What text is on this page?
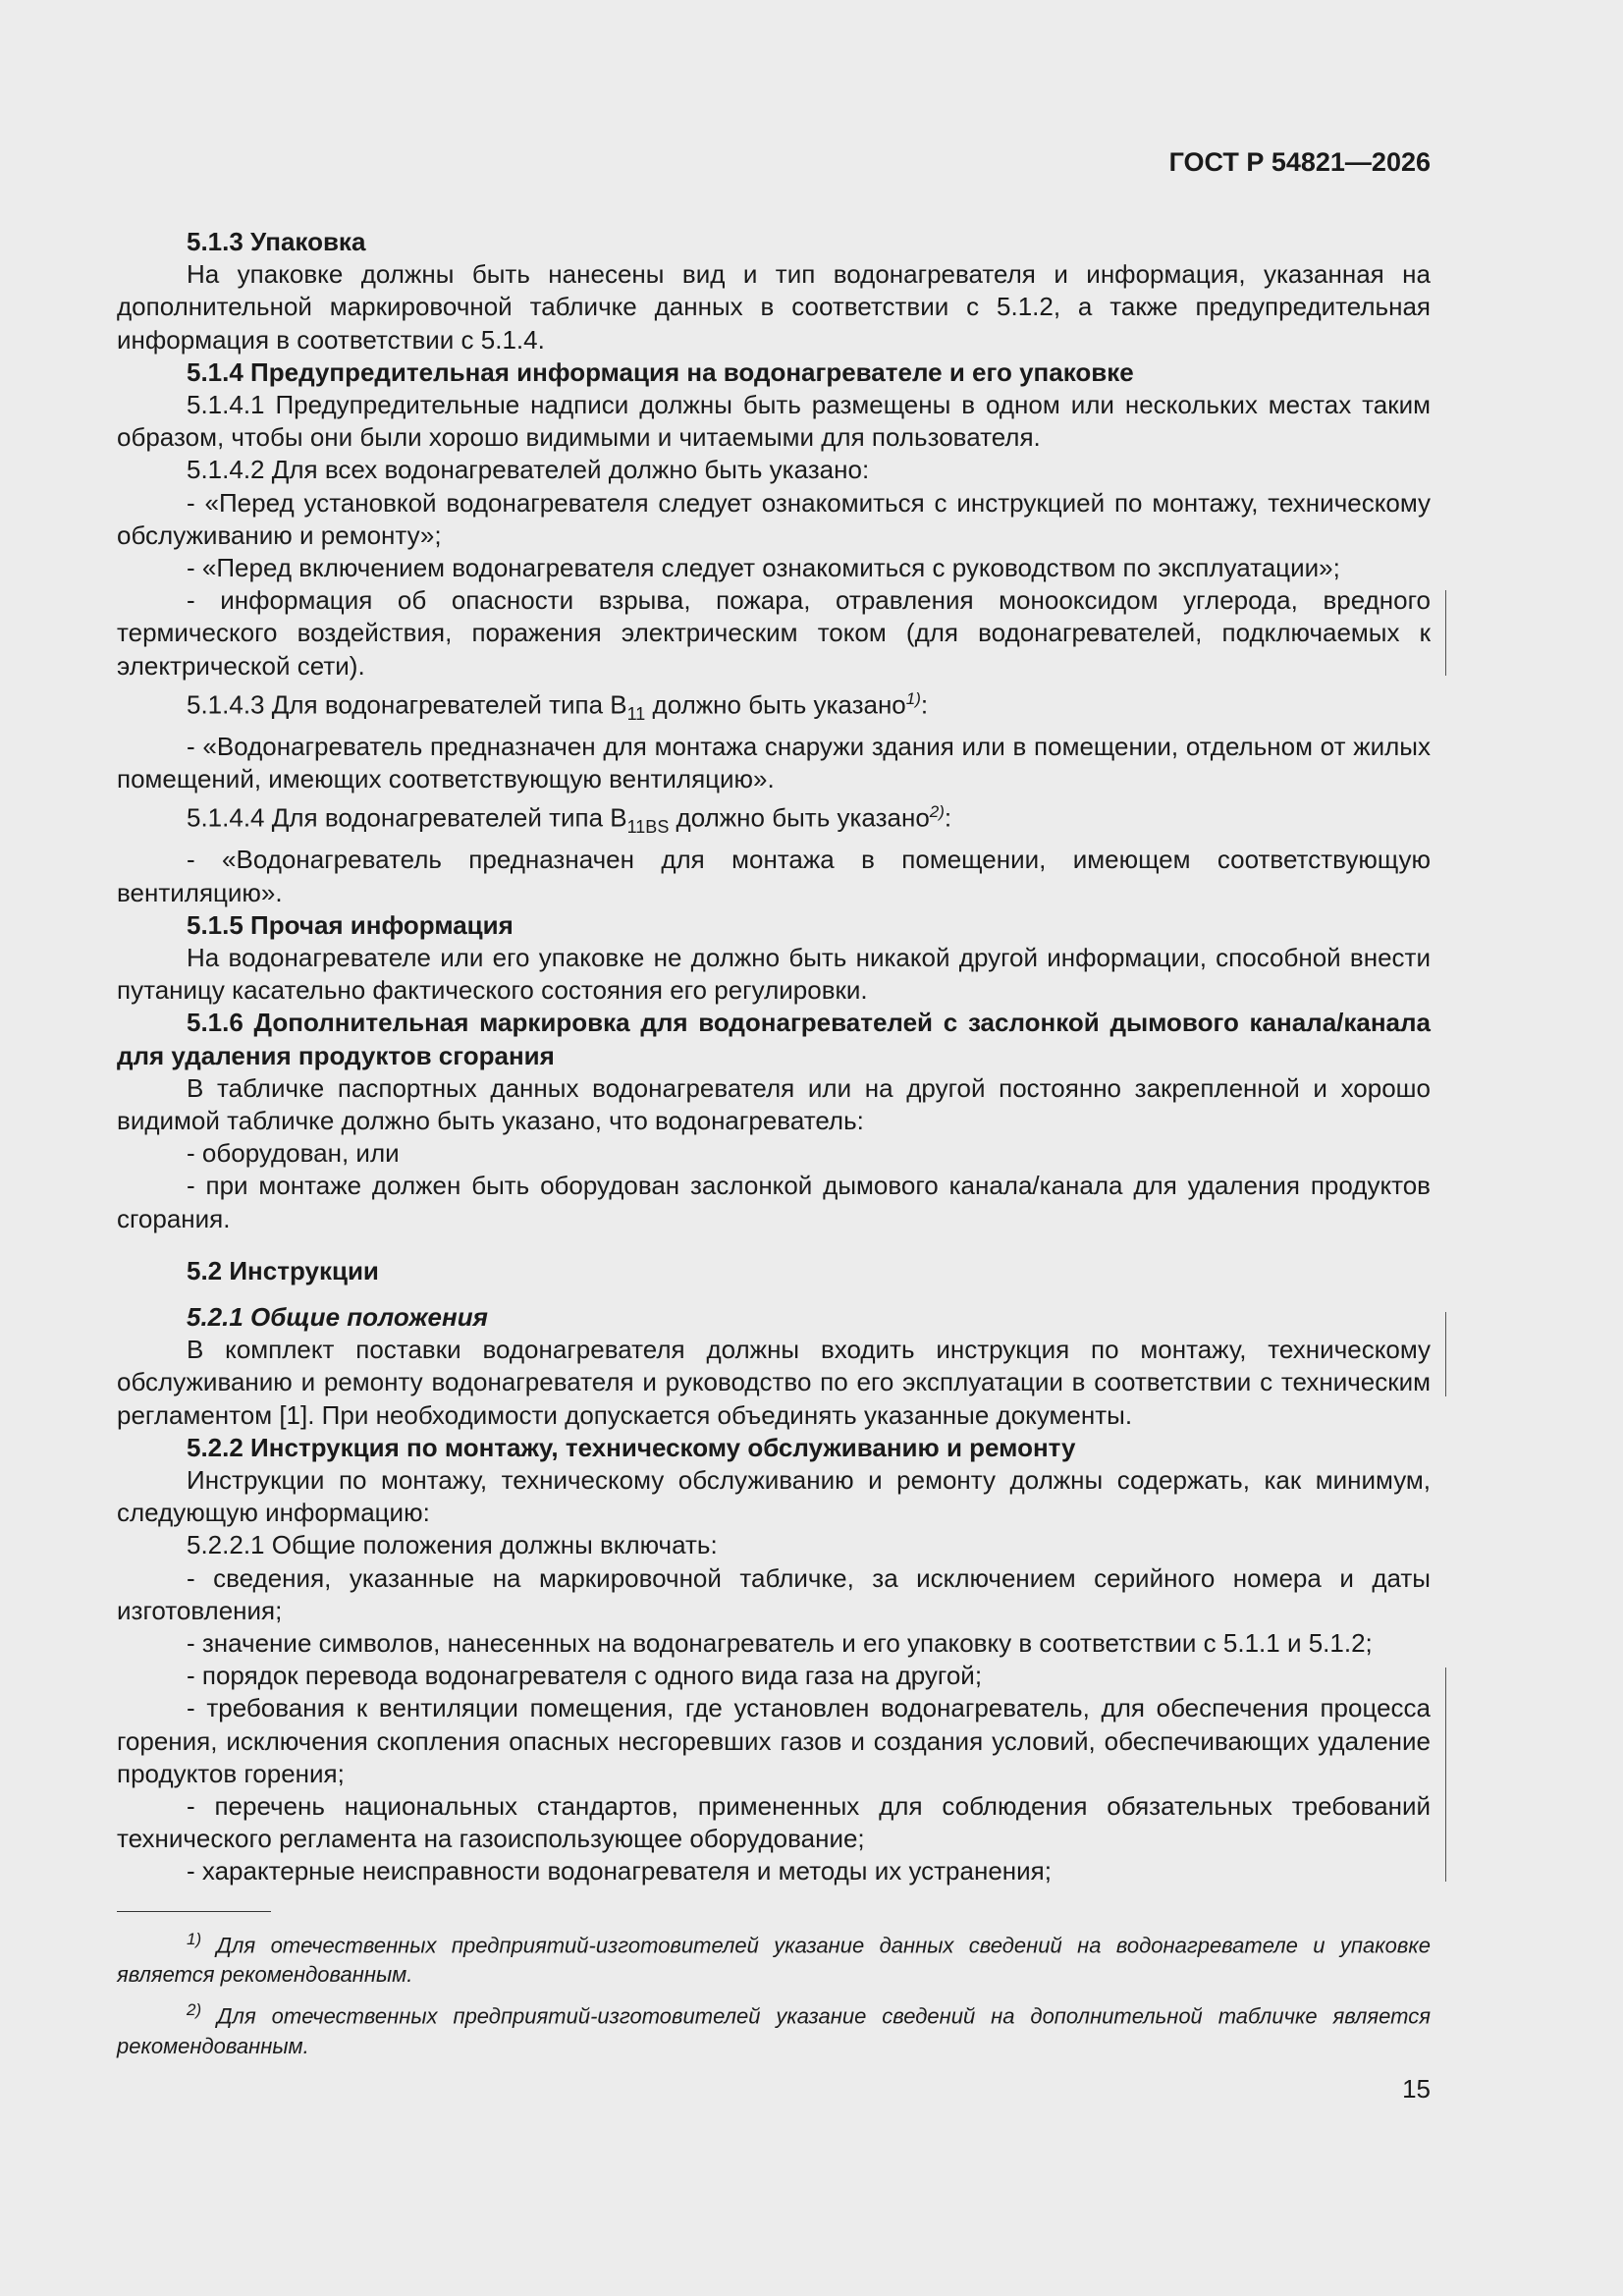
ГОСТ Р 54821—2026

5.1.3 Упаковка

На упаковке должны быть нанесены вид и тип водонагревателя и информация, указанная на дополнительной маркировочной табличке данных в соответствии с 5.1.2, а также предупредительная информация в соответствии с 5.1.4.

5.1.4 Предупредительная информация на водонагревателе и его упаковке

5.1.4.1 Предупредительные надписи должны быть размещены в одном или нескольких местах таким образом, чтобы они были хорошо видимыми и читаемыми для пользователя.

5.1.4.2 Для всех водонагревателей должно быть указано:

- «Перед установкой водонагревателя следует ознакомиться с инструкцией по монтажу, техническому обслуживанию и ремонту»;

- «Перед включением водонагревателя следует ознакомиться с руководством по эксплуатации»;

- информация об опасности взрыва, пожара, отравления монооксидом углерода, вредного термического воздействия, поражения электрическим током (для водонагревателей, подключаемых к электрической сети).

5.1.4.3 Для водонагревателей типа $B_{11}$ должно быть указано$^{1)}$:

- «Водонагреватель предназначен для монтажа снаружи здания или в помещении, отдельном от жилых помещений, имеющих соответствующую вентиляцию».

5.1.4.4 Для водонагревателей типа $B_{11BS}$ должно быть указано$^{2)}$:

- «Водонагреватель предназначен для монтажа в помещении, имеющем соответствующую вентиляцию».

5.1.5 Прочая информация

На водонагревателе или его упаковке не должно быть никакой другой информации, способной внести путаницу касательно фактического состояния его регулировки.

5.1.6 Дополнительная маркировка для водонагревателей с заслонкой дымового канала/канала для удаления продуктов сгорания

В табличке паспортных данных водонагревателя или на другой постоянно закрепленной и хорошо видимой табличке должно быть указано, что водонагреватель:

- оборудован, или

- при монтаже должен быть оборудован заслонкой дымового канала/канала для удаления продуктов сгорания.

5.2 Инструкции

5.2.1 Общие положения

В комплект поставки водонагревателя должны входить инструкция по монтажу, техническому обслуживанию и ремонту водонагревателя и руководство по его эксплуатации в соответствии с техническим регламентом [1]. При необходимости допускается объединять указанные документы.

5.2.2 Инструкция по монтажу, техническому обслуживанию и ремонту

Инструкции по монтажу, техническому обслуживанию и ремонту должны содержать, как минимум, следующую информацию:

5.2.2.1 Общие положения должны включать:

- сведения, указанные на маркировочной табличке, за исключением серийного номера и даты изготовления;

- значение символов, нанесенных на водонагреватель и его упаковку в соответствии с 5.1.1 и 5.1.2;

- порядок перевода водонагревателя с одного вида газа на другой;

- требования к вентиляции помещения, где установлен водонагреватель, для обеспечения процесса горения, исключения скопления опасных несгоревших газов и создания условий, обеспечивающих удаление продуктов горения;

- перечень национальных стандартов, примененных для соблюдения обязательных требований технического регламента на газоиспользующее оборудование;

- характерные неисправности водонагревателя и методы их устранения;

$^{1)}$ Для отечественных предприятий-изготовителей указание данных сведений на водонагревателе и упаковке является рекомендованным.

$^{2)}$ Для отечественных предприятий-изготовителей указание сведений на дополнительной табличке является рекомендованным.

15
